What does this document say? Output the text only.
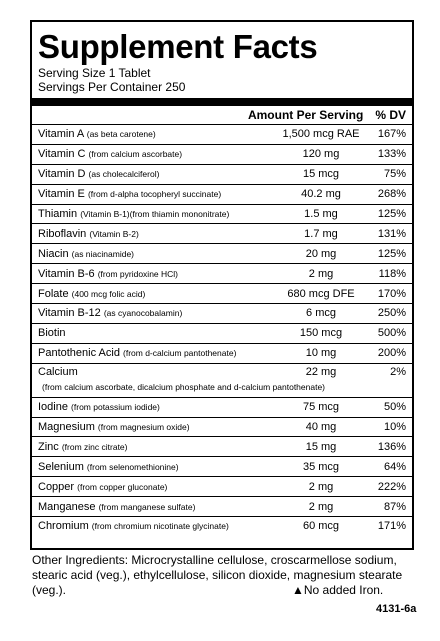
Supplement Facts
Serving Size 1 Tablet
Servings Per Container 250
Amount Per Serving % DV
Vitamin A (as beta carotene)	1,500 mcg RAE	167%
Vitamin C (from calcium ascorbate)	120 mg	133%
Vitamin D (as cholecalciferol)	15 mcg	75%
Vitamin E (from d-alpha tocopheryl succinate)	40.2 mg	268%
Thiamin (Vitamin B-1)(from thiamin mononitrate)	1.5 mg	125%
Riboflavin (Vitamin B-2)	1.7 mg	131%
Niacin (as niacinamide)	20 mg	125%
Vitamin B-6 (from pyridoxine HCl)	2 mg	118%
Folate (400 mcg folic acid)	680 mcg DFE	170%
Vitamin B-12 (as cyanocobalamin)	6 mcg	250%
Biotin	150 mcg	500%
Pantothenic Acid (from d-calcium pantothenate)	10 mg	200%
Calcium	22 mg	2%
(from calcium ascorbate, dicalcium phosphate and d-calcium pantothenate)
Iodine (from potassium iodide)	75 mcg	50%
Magnesium (from magnesium oxide)	40 mg	10%
Zinc (from zinc citrate)	15 mg	136%
Selenium (from selenomethionine)	35 mcg	64%
Copper (from copper gluconate)	2 mg	222%
Manganese (from manganese sulfate)	2 mg	87%
Chromium (from chromium nicotinate glycinate)	60 mcg	171%
Other Ingredients: Microcrystalline cellulose, croscarmellose sodium, stearic acid (veg.), ethylcellulose, silicon dioxide, magnesium stearate (veg.).	▲No added Iron.
4131-6a
